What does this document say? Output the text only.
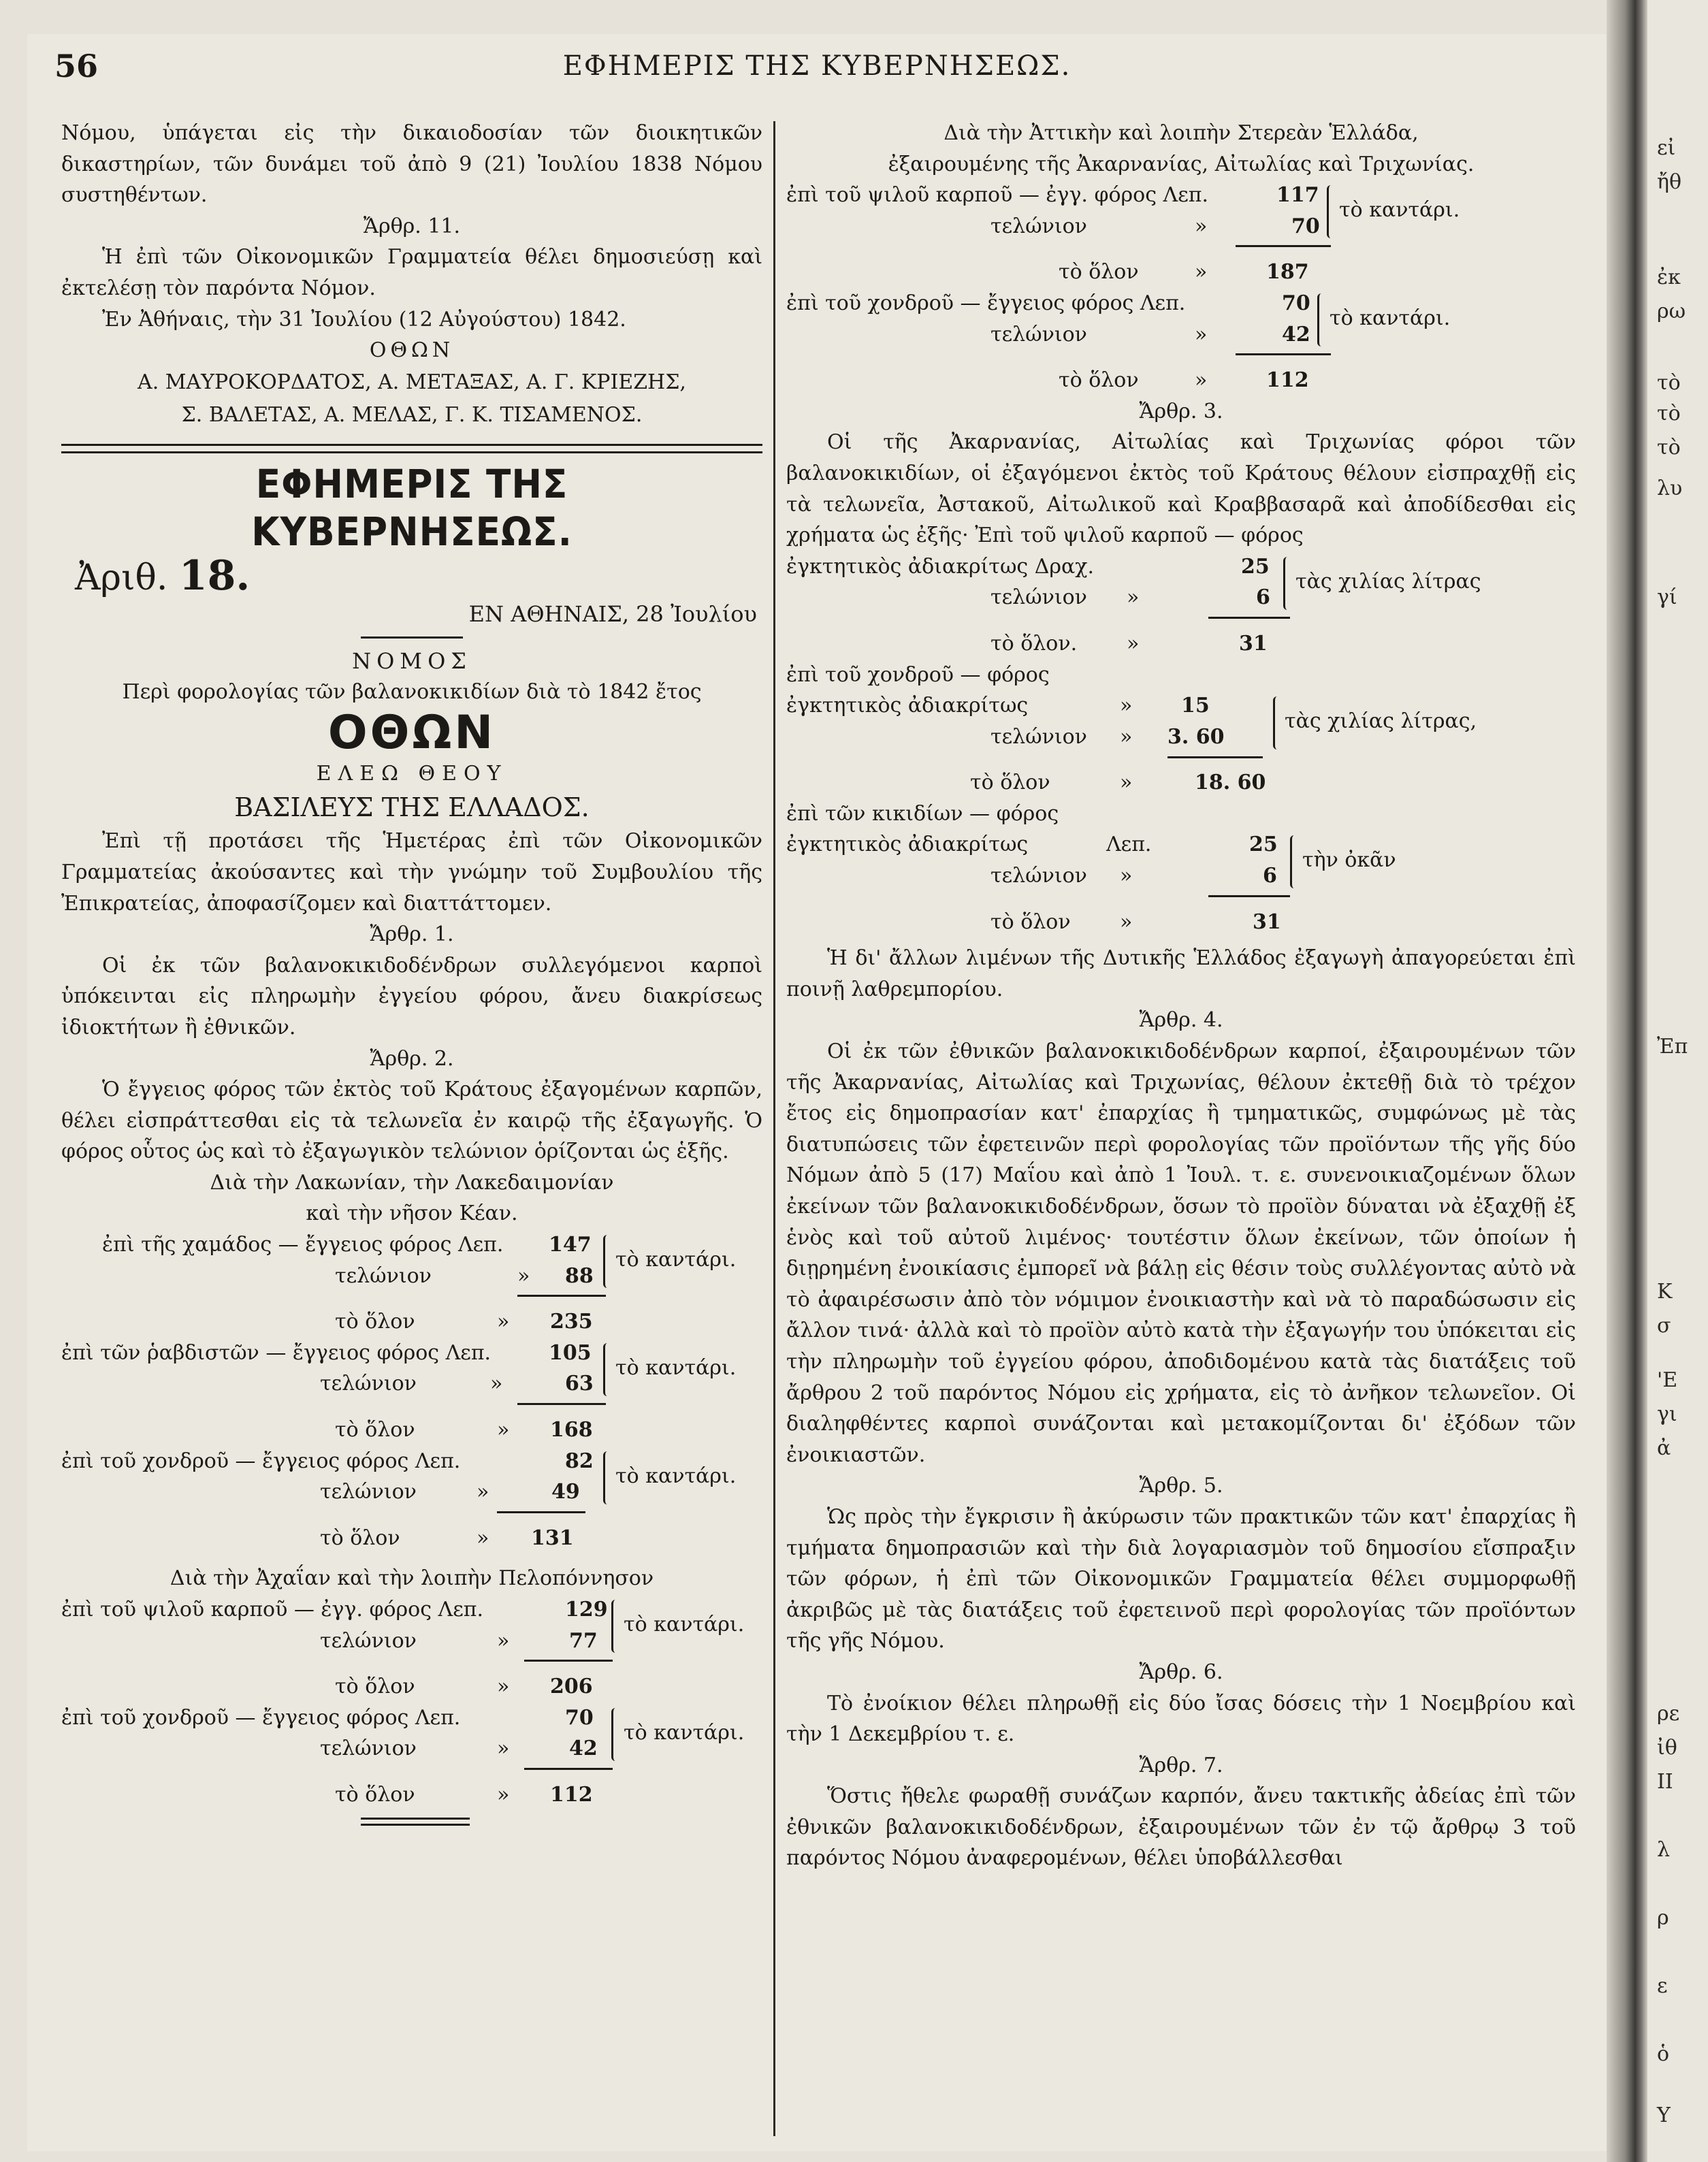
εἰ
ἤθ
ἐκ
ρω
τὸ
τὸ
τὸ
λυ
γί
Ἐπ
Κ
σ
'Ε
γι
ἀ
ρε
ἰθ
ΙΙ
λ
ρ
ε
ὁ
Υ
56	ΕΦΗΜΕΡΙΣ ΤΗΣ ΚΥΒΕΡΝΗΣΕΩΣ.

Νόμου, ὑπάγεται εἰς τὴν δικαιοδοσίαν τῶν διοικητικῶν δικαστηρίων, τῶν δυνάμει τοῦ ἀπὸ 9 (21) Ἰουλίου 1838 Νόμου συστηθέντων.

Ἄρθρ. 11.

Ἡ ἐπὶ τῶν Οἰκονομικῶν Γραμματεία θέλει δημοσιεύσῃ καὶ ἐκτελέσῃ τὸν παρόντα Νόμον.

Ἐν Ἀθήναις, τὴν 31 Ἰουλίου (12 Αὐγούστου) 1842.

ΟΘΩΝ

Α. ΜΑΥΡΟΚΟΡΔΑΤΟΣ, Α. ΜΕΤΑΞΑΣ, Α. Γ. ΚΡΙΕΖΗΣ,

Σ. ΒΑΛΕΤΑΣ, Α. ΜΕΛΑΣ, Γ. Κ. ΤΙΣΑΜΕΝΟΣ.

ΕΦΗΜΕΡΙΣ ΤΗΣ ΚΥΒΕΡΝΗΣΕΩΣ.

Ἀριθ. 18.

ΕΝ ΑΘΗΝΑΙΣ, 28 Ἰουλίου

ΝΟΜΟΣ

Περὶ φορολογίας τῶν βαλανοκικιδίων διὰ τὸ 1842 ἔτος

ΟΘΩΝ
ΕΛΕΩ ΘΕΟΥ
ΒΑΣΙΛΕΥΣ ΤΗΣ ΕΛΛΑΔΟΣ.

Ἐπὶ τῇ προτάσει τῆς Ἡμετέρας ἐπὶ τῶν Οἰκονομικῶν Γραμματείας ἀκούσαντες καὶ τὴν γνώμην τοῦ Συμβουλίου τῆς Ἐπικρατείας, ἀποφασίζομεν καὶ διαττάττομεν.

Ἄρθρ. 1.

Οἱ ἐκ τῶν βαλανοκικιδοδένδρων συλλεγόμενοι καρποὶ ὑπόκεινται εἰς πληρωμὴν ἐγγείου φόρου, ἄνευ διακρίσεως ἰδιοκτήτων ἢ ἐθνικῶν.

Ἄρθρ. 2.

Ὁ ἔγγειος φόρος τῶν ἐκτὸς τοῦ Κράτους ἐξαγομένων καρπῶν, θέλει εἰσπράττεσθαι εἰς τὰ τελωνεῖα ἐν καιρῷ τῆς ἐξαγωγῆς. Ὁ φόρος οὗτος ὡς καὶ τὸ ἐξαγωγικὸν τελώνιον ὁρίζονται ὡς ἑξῆς.

Διὰ τὴν Λακωνίαν, τὴν Λακεδαιμονίαν

καὶ τὴν νῆσον Κέαν.

ἐπὶ τῆς χαμάδος — ἔγγειος φόρος Λεπ. 147
τελώνιον	» 88
τὸ καντάρι.
τὸ ὅλον	» 235
ἐπὶ τῶν ῥαβδιστῶν — ἔγγειος φόρος Λεπ.	105
τελώνιον	»	63
τὸ καντάρι.
τὸ ὅλον	» 168
ἐπὶ τοῦ χονδροῦ — ἔγγειος φόρος Λεπ.	82
τελώνιον	»	49
τὸ καντάρι.
τὸ ὅλον	» 131

Διὰ τὴν Ἀχαΐαν καὶ τὴν λοιπὴν Πελοπόννησον

ἐπὶ τοῦ ψιλοῦ καρποῦ — ἐγγ. φόρος Λεπ.	129
τελώνιον	»	77
τὸ καντάρι.
τὸ ὅλον	» 206
ἐπὶ τοῦ χονδροῦ — ἔγγειος φόρος Λεπ.	70
τελώνιον	»	42
τὸ καντάρι.
τὸ ὅλον	» 112

Διὰ τὴν Ἀττικὴν καὶ λοιπὴν Στερεὰν Ἑλλάδα,

ἐξαιρουμένης τῆς Ἀκαρνανίας, Αἰτωλίας καὶ Τριχωνίας.

ἐπὶ τοῦ ψιλοῦ καρποῦ — ἐγγ. φόρος Λεπ.	117
τελώνιον	»	70
τὸ καντάρι.
τὸ ὅλον	»	187
ἐπὶ τοῦ χονδροῦ — ἔγγειος φόρος Λεπ.	70
τελώνιον	»	42
τὸ καντάρι.
τὸ ὅλον	»	112

Ἄρθρ. 3.

Οἱ τῆς Ἀκαρνανίας, Αἰτωλίας καὶ Τριχωνίας φόροι τῶν βαλανοκικιδίων, οἱ ἐξαγόμενοι ἐκτὸς τοῦ Κράτους θέλουν εἰσπραχθῇ εἰς τὰ τελωνεῖα, Ἀστακοῦ, Αἰτωλικοῦ καὶ Κραββασαρᾶ καὶ ἀποδίδεσθαι εἰς χρήματα ὡς ἐξῆς· Ἐπὶ τοῦ ψιλοῦ καρποῦ — φόρος

ἐγκτητικὸς ἀδιακρίτως Δραχ.	25
τελώνιον »	6
τὰς χιλίας λίτρας
τὸ ὅλον. »	31
ἐπὶ τοῦ χονδροῦ — φόρος
ἐγκτητικὸς ἀδιακρίτως	» 15
τελώνιον » 3. 60
τὰς χιλίας λίτρας,
τὸ ὅλον	»	18. 60
ἐπὶ τῶν κικιδίων — φόρος
ἐγκτητικὸς ἀδιακρίτως	Λεπ.	25
τελώνιον »	6
τὴν ὀκᾶν
τὸ ὅλον »	31

Ἡ δι' ἄλλων λιμένων τῆς Δυτικῆς Ἑλλάδος ἐξαγωγὴ ἀπαγορεύεται ἐπὶ ποινῇ λαθρεμπορίου.

Ἄρθρ. 4.

Οἱ ἐκ τῶν ἐθνικῶν βαλανοκικιδοδένδρων καρποί, ἐξαιρουμένων τῶν τῆς Ἀκαρνανίας, Αἰτωλίας καὶ Τριχωνίας, θέλουν ἐκτεθῇ διὰ τὸ τρέχον ἔτος εἰς δημοπρασίαν κατ' ἐπαρχίας ἢ τμηματικῶς, συμφώνως μὲ τὰς διατυπώσεις τῶν ἐφετεινῶν περὶ φορολογίας τῶν προϊόντων τῆς γῆς δύο Νόμων ἀπὸ 5 (17) Μαΐου καὶ ἀπὸ 1 Ἰουλ. τ. ε. συνενοικιαζομένων ὅλων ἐκείνων τῶν βαλανοκικιδοδένδρων, ὅσων τὸ προϊὸν δύναται νὰ ἐξαχθῇ ἐξ ἑνὸς καὶ τοῦ αὐτοῦ λιμένος· τουτέστιν ὅλων ἐκείνων, τῶν ὁποίων ἡ διῃρημένη ἐνοικίασις ἐμπορεῖ νὰ βάλῃ εἰς θέσιν τοὺς συλλέγοντας αὐτὸ νὰ τὸ ἀφαιρέσωσιν ἀπὸ τὸν νόμιμον ἐνοικιαστὴν καὶ νὰ τὸ παραδώσωσιν εἰς ἄλλον τινά· ἀλλὰ καὶ τὸ προϊὸν αὐτὸ κατὰ τὴν ἐξαγωγήν του ὑπόκειται εἰς τὴν πληρωμὴν τοῦ ἐγγείου φόρου, ἀποδιδομένου κατὰ τὰς διατάξεις τοῦ ἄρθρου 2 τοῦ παρόντος Νόμου εἰς χρήματα, εἰς τὸ ἀνῆκον τελωνεῖον. Οἱ διαληφθέντες καρποὶ συνάζονται καὶ μετακομίζονται δι' ἐξόδων τῶν ἐνοικιαστῶν.

Ἄρθρ. 5.

Ὡς πρὸς τὴν ἔγκρισιν ἢ ἀκύρωσιν τῶν πρακτικῶν τῶν κατ' ἐπαρχίας ἢ τμήματα δημοπρασιῶν καὶ τὴν διὰ λογαριασμὸν τοῦ δημοσίου εἴσπραξιν τῶν φόρων, ἡ ἐπὶ τῶν Οἰκονομικῶν Γραμματεία θέλει συμμορφωθῇ ἀκριβῶς μὲ τὰς διατάξεις τοῦ ἐφετεινοῦ περὶ φορολογίας τῶν προϊόντων τῆς γῆς Νόμου.

Ἄρθρ. 6.

Τὸ ἐνοίκιον θέλει πληρωθῇ εἰς δύο ἴσας δόσεις τὴν 1 Νοεμβρίου καὶ τὴν 1 Δεκεμβρίου τ. ε.

Ἄρθρ. 7.

Ὅστις ἤθελε φωραθῇ συνάζων καρπόν, ἄνευ τακτικῆς ἀδείας ἐπὶ τῶν ἐθνικῶν βαλανοκικιδοδένδρων, ἐξαιρουμένων τῶν ἐν τῷ ἄρθρῳ 3 τοῦ παρόντος Νόμου ἀναφερομένων, θέλει ὑποβάλλεσθαι
